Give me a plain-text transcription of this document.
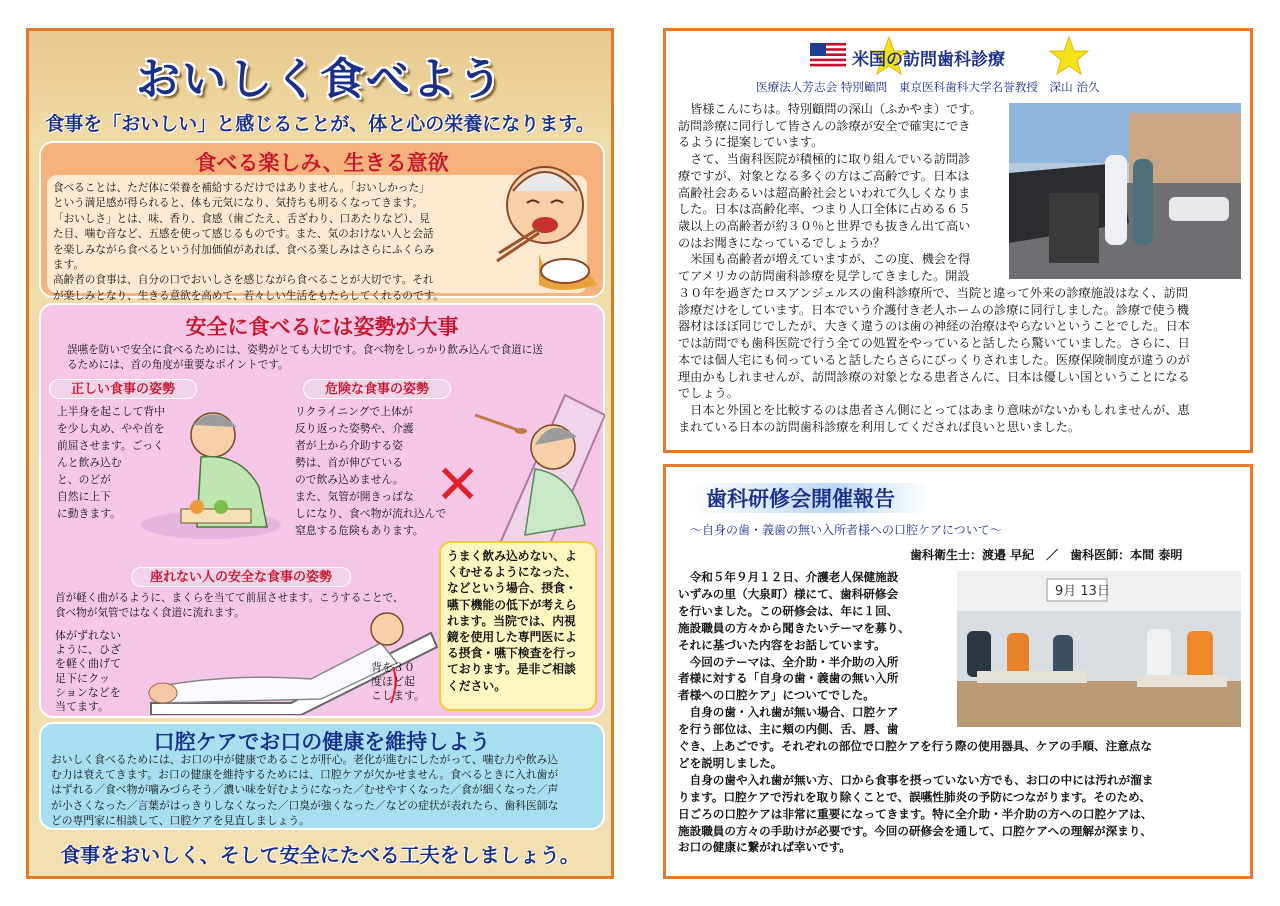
おいしく食べよう
食事を「おいしい」と感じることが、体と心の栄養になります。
食べる楽しみ、生きる意欲
食べることは、ただ体に栄養を補給するだけではありません。「おいしかった」
という満足感が得られると、体も元気になり、気持ちも明るくなってきます。
「おいしさ」とは、味、香り、食感（歯ごたえ、舌ざわり、口あたりなど）、見
た目、噛む音など、五感を使って感じるものです。また、気のおけない人と会話
を楽しみながら食べるという付加価値があれば、食べる楽しみはさらにふくらみ
ます。
高齢者の食事は、自分の口でおいしさを感じながら食べることが大切です。それ
が楽しみとなり、生きる意欲を高めて、若々しい生活をもたらしてくれるのです。
安全に食べるには姿勢が大事
誤嚥を防いで安全に食べるためには、姿勢がとても大切です。食べ物をしっかり飲み込んで食道に送
るためには、首の角度が重要なポイントです。
正しい食事の姿勢
上半身を起こして背中
を少し丸め、やや首を
前屈させます。ごっく
んと飲み込む
と、のどが
自然に上下
に動きます。
危険な食事の姿勢
リクライニングで上体が
反り返った姿勢や、介護
者が上から介助する姿
勢は、首が伸びている
ので飲み込めません。
また、気管が開きっぱな
しになり、食べ物が流れ込んで
窒息する危険もあります。
✕
座れない人の安全な食事の姿勢
首が軽く曲がるように、まくらを当てて前屈させます。こうすることで、
食べ物が気管ではなく食道に流れます。
体がずれない
ように、ひざ
を軽く曲げて
足下にクッ
ションなどを
当てます。
背を３０
度ほど起
こします。
うまく飲み込めない、よ
くむせるようになった、
などという場合、摂食・
嚥下機能の低下が考えら
れます。当院では、内視
鏡を使用した専門医によ
る摂食・嚥下検査を行っ
ております。是非ご相談
ください。
口腔ケアでお口の健康を維持しよう
おいしく食べるためには、お口の中が健康であることが肝心。老化が進むにしたがって、噛む力や飲み込
む力は衰えてきます。お口の健康を維持するためには、口腔ケアが欠かせません。食べるときに入れ歯が
はずれる／食べ物が噛みづらそう／濃い味を好むようになった／むせやすくなった／食が細くなった／声
が小さくなった／言葉がはっきりしなくなった／口臭が強くなった／などの症状が表れたら、歯科医師な
どの専門家に相談して、口腔ケアを見直しましょう。
食事をおいしく、そして安全にたべる工夫をしましょう。
米国の訪問歯科診療
医療法人芳志会 特別顧問　東京医科歯科大学名誉教授　深山 治久
　皆様こんにちは。特別顧問の深山（ふかやま）です。
訪問診療に同行して皆さんの診療が安全で確実にでき
るように提案しています。
　さて、当歯科医院が積極的に取り組んでいる訪問診
療ですが、対象となる多くの方はご高齢です。日本は
高齢社会あるいは超高齢社会といわれて久しくなりま
した。日本は高齢化率、つまり人口全体に占める６５
歳以上の高齢者が約３０％と世界でも抜きん出て高い
のはお聞きになっているでしょうか？
　米国も高齢者が増えていますが、この度、機会を得
てアメリカの訪問歯科診療を見学してきました。開設
３０年を過ぎたロスアンジェルスの歯科診療所で、当院と違って外来の診療施設はなく、訪問
診療だけをしています。日本でいう介護付き老人ホームの診療に同行しました。診療で使う機
器材はほぼ同じでしたが、大きく違うのは歯の神経の治療はやらないということでした。日本
では訪問でも歯科医院で行う全ての処置をやっていると話したら驚いていました。さらに、日
本では個人宅にも伺っていると話したらさらにびっくりされました。医療保険制度が違うのが
理由かもしれませんが、訪問診療の対象となる患者さんに、日本は優しい国ということになる
でしょう。
　日本と外国とを比較するのは患者さん側にとってはあまり意味がないかもしれませんが、恵
まれている日本の訪問歯科診療を利用してくだされば良いと思いました。
歯科研修会開催報告
～自身の歯・義歯の無い入所者様への口腔ケアについて～
歯科衛生士：渡邉 早紀　／　歯科医師：本間 泰明
　令和５年９月１２日、介護老人保健施設
いずみの里（大泉町）様にて、歯科研修会
を行いました。この研修会は、年に１回、
施設職員の方々から聞きたいテーマを募り、
それに基づいた内容をお話しています。
　今回のテーマは、全介助・半介助の入所
者様に対する「自身の歯・義歯の無い入所
者様への口腔ケア」についてでした。
　自身の歯・入れ歯が無い場合、口腔ケア
を行う部位は、主に頬の内側、舌、唇、歯
9月 13日
ぐき、上あごです。それぞれの部位で口腔ケアを行う際の使用器具、ケアの手順、注意点な
どを説明しました。
　自身の歯や入れ歯が無い方、口から食事を摂っていない方でも、お口の中には汚れが溜ま
ります。口腔ケアで汚れを取り除くことで、誤嚥性肺炎の予防につながります。そのため、
日ごろの口腔ケアは非常に重要になってきます。特に全介助・半介助の方への口腔ケアは、
施設職員の方々の手助けが必要です。今回の研修会を通して、口腔ケアへの理解が深まり、
お口の健康に繋がれば幸いです。
